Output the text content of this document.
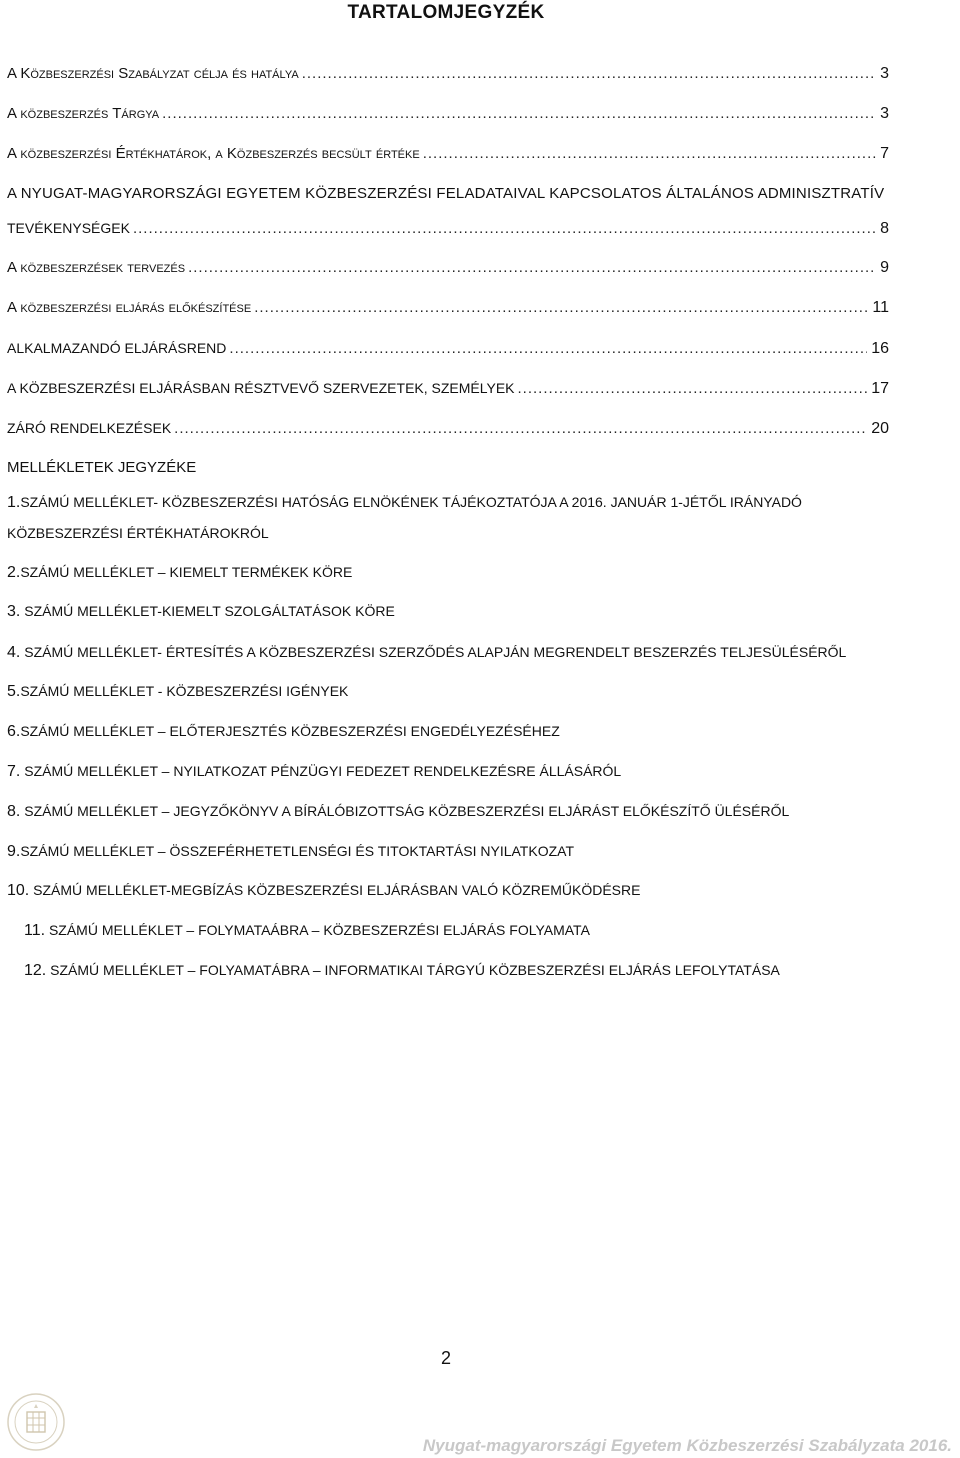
TARTALOMJEGYZÉK
A Közbeszerzési Szabályzat célja és hatálya .....	3
A közbeszerzés Tárgya .....	3
A közbeszerzési Értékhatárok, a Közbeszerzés becsült értéke .....	7
A NYUGAT-MAGYARORSZÁGI EGYETEM KÖZBESZERZÉSI FELADATAIVAL KAPCSOLATOS ÁLTALÁNOS ADMINISZTRATÍV
TEVÉKENYSÉGEK .....	8
A közbeszerzések tervezés .....	9
A közbeszerzési eljárás előkészítése .....	11
ALKALMAZANDÓ ELJÁRÁSREND .....	16
A KÖZBESZERZÉSI ELJÁRÁSBAN RÉSZTVEVŐ SZERVEZETEK, SZEMÉLYEK .....	17
ZÁRÓ RENDELKEZÉSEK .....	20
MELLÉKLETEK JEGYZÉKE
1.SZÁMÚ MELLÉKLET- KÖZBESZERZÉSI HATÓSÁG ELNÖKÉNEK TÁJÉKOZTATÓJA A 2016. JANUÁR 1-JÉTŐL IRÁNYADÓ
KÖZBESZERZÉSI ÉRTÉKHATÁROKRÓL
2.SZÁMÚ MELLÉKLET – KIEMELT TERMÉKEK KÖRE
3. SZÁMÚ MELLÉKLET-KIEMELT SZOLGÁLTATÁSOK KÖRE
4. SZÁMÚ MELLÉKLET- ÉRTESÍTÉS A KÖZBESZERZÉSI SZERZŐDÉS ALAPJÁN MEGRENDELT BESZERZÉS TELJESÜLÉSÉRŐL
5.SZÁMÚ MELLÉKLET - KÖZBESZERZÉSI IGÉNYEK
6.SZÁMÚ MELLÉKLET – ELŐTERJESZTÉS KÖZBESZERZÉSI ENGEDÉLYEZÉSÉHEZ
7. SZÁMÚ MELLÉKLET – NYILATKOZAT PÉNZÜGYI FEDEZET RENDELKEZÉSRE ÁLLÁSÁRÓL
8. SZÁMÚ MELLÉKLET – JEGYZŐKÖNYV A BÍRÁLÓBIZOTTSÁG KÖZBESZERZÉSI ELJÁRÁST ELŐKÉSZÍTŐ ÜLÉSÉRŐL
9.SZÁMÚ MELLÉKLET – ÖSSZEFÉRHETETLENSÉGI ÉS TITOKTARTÁSI NYILATKOZAT
10. SZÁMÚ MELLÉKLET-MEGBÍZÁS KÖZBESZERZÉSI ELJÁRÁSBAN VALÓ KÖZREMŰKÖDÉSRE
11. SZÁMÚ MELLÉKLET – FOLYMATAÁBRA – KÖZBESZERZÉSI ELJÁRÁS FOLYAMATA
12. SZÁMÚ MELLÉKLET – FOLYAMATÁBRA – INFORMATIKAI TÁRGYÚ KÖZBESZERZÉSI ELJÁRÁS LEFOLYTATÁSA
2
Nyugat-magyarországi Egyetem Közbeszerzési Szabályzata 2016.
